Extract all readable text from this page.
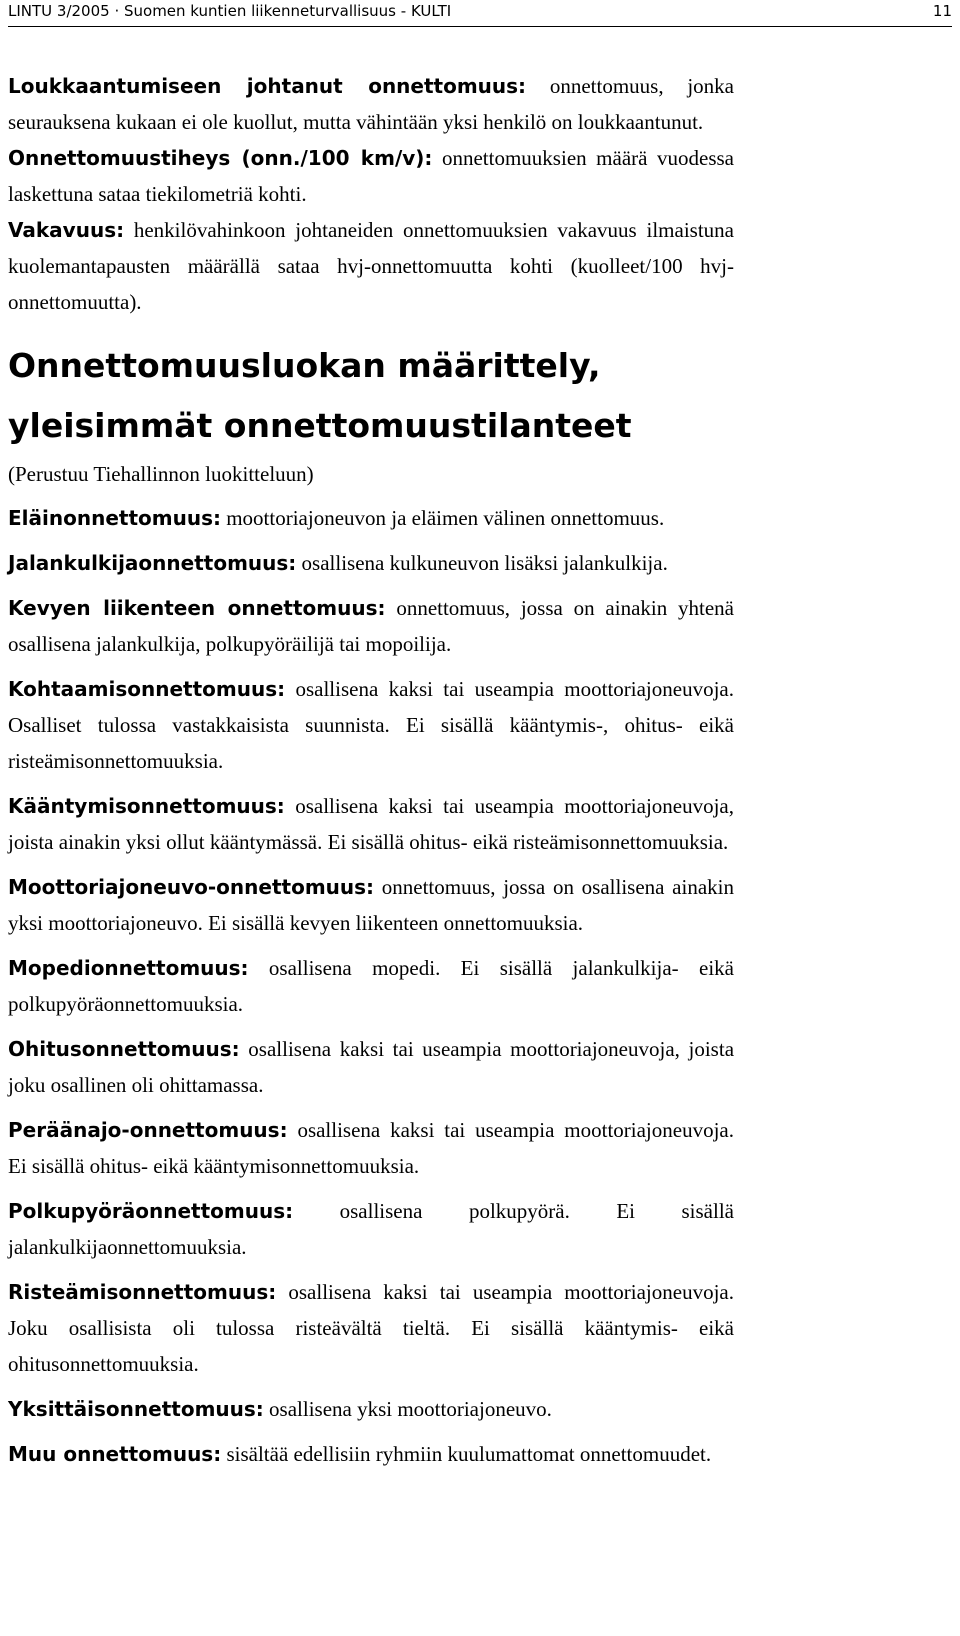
LINTU 3/2005 · Suomen kuntien liikenneturvallisuus - KULTI	11

Loukkaantumiseen johtanut onnettomuus: onnettomuus, jonka seurauksena kukaan ei ole kuollut, mutta vähintään yksi henkilö on loukkaantunut.

Onnettomuustiheys (onn./100 km/v): onnettomuuksien määrä vuodessa laskettuna sataa tiekilometriä kohti.

Vakavuus: henkilövahinkoon johtaneiden onnettomuuksien vakavuus ilmaistuna kuolemantapausten määrällä sataa hvj-onnettomuutta kohti (kuolleet/100 hvj-onnettomuutta).

Onnettomuusluokan määrittely, yleisimmät onnettomuustilanteet

(Perustuu Tiehallinnon luokitteluun)

Eläinonnettomuus: moottoriajoneuvon ja eläimen välinen onnettomuus.

Jalankulkijaonnettomuus: osallisena kulkuneuvon lisäksi jalankulkija.

Kevyen liikenteen onnettomuus: onnettomuus, jossa on ainakin yhtenä osallisena jalankulkija, polkupyöräilijä tai mopoilija.

Kohtaamisonnettomuus: osallisena kaksi tai useampia moottoriajoneuvoja. Osalliset tulossa vastakkaisista suunnista. Ei sisällä kääntymis-, ohitus- eikä risteämisonnettomuuksia.

Kääntymisonnettomuus: osallisena kaksi tai useampia moottoriajoneuvoja, joista ainakin yksi ollut kääntymässä. Ei sisällä ohitus- eikä risteämisonnettomuuksia.

Moottoriajoneuvo-onnettomuus: onnettomuus, jossa on osallisena ainakin yksi moottoriajoneuvo. Ei sisällä kevyen liikenteen onnettomuuksia.

Mopedionnettomuus: osallisena mopedi. Ei sisällä jalankulkija- eikä polkupyöräonnettomuuksia.

Ohitusonnettomuus: osallisena kaksi tai useampia moottoriajoneuvoja, joista joku osallinen oli ohittamassa.

Peräänajo-onnettomuus: osallisena kaksi tai useampia moottoriajoneuvoja. Ei sisällä ohitus- eikä kääntymisonnettomuuksia.

Polkupyöräonnettomuus: osallisena polkupyörä. Ei sisällä jalankulkijaonnettomuuksia.

Risteämisonnettomuus: osallisena kaksi tai useampia moottoriajoneuvoja. Joku osallisista oli tulossa risteävältä tieltä. Ei sisällä kääntymis- eikä ohitusonnettomuuksia.

Yksittäisonnettomuus: osallisena yksi moottoriajoneuvo.

Muu onnettomuus: sisältää edellisiin ryhmiin kuulumattomat onnettomuudet.
